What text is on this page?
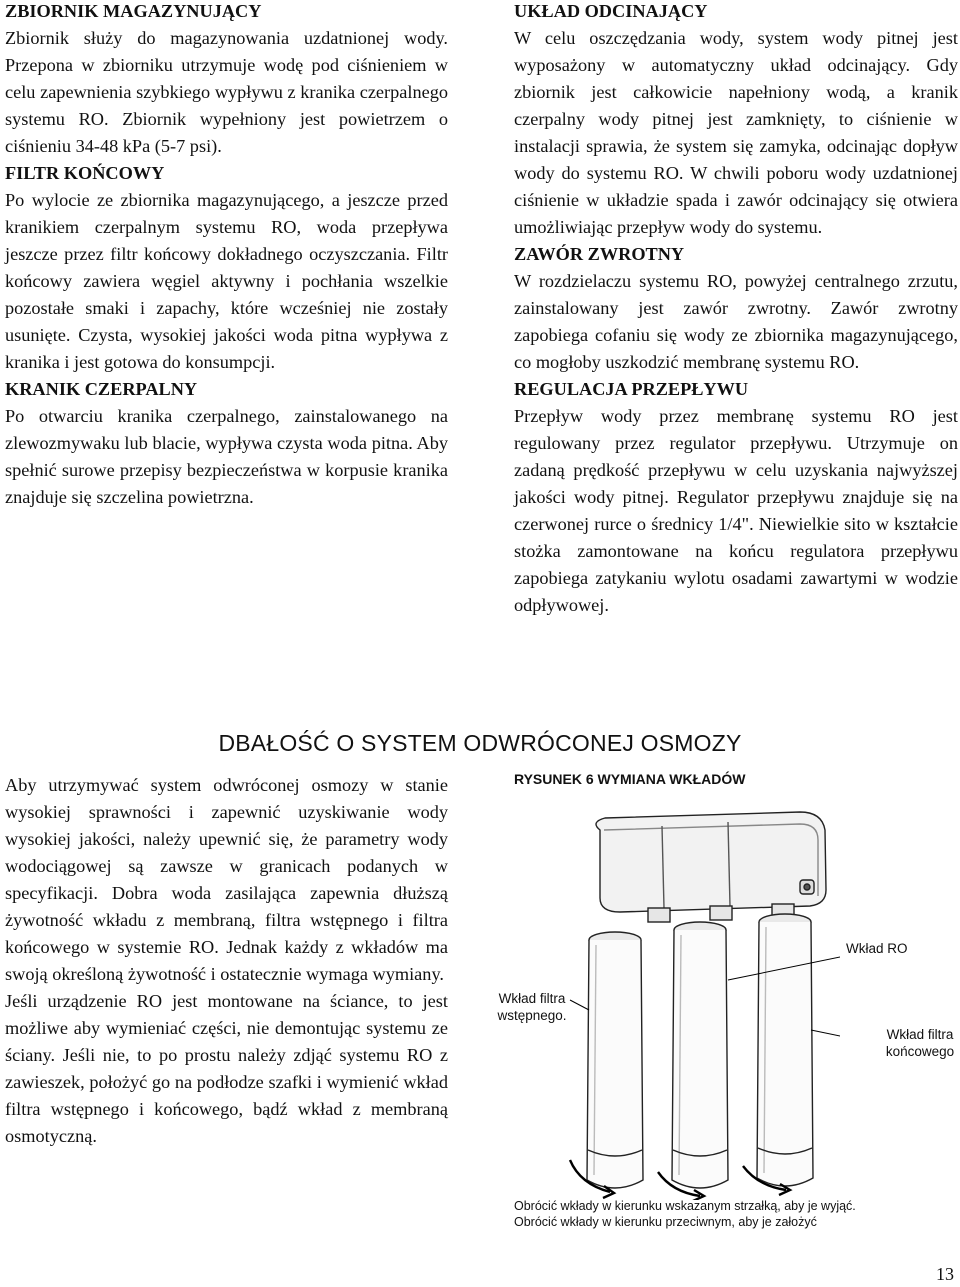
ZBIORNIK MAGAZYNUJĄCY

Zbiornik służy do magazynowania uzdatnionej wody. Przepona w zbiorniku utrzymuje wodę pod ciśnieniem w celu zapewnienia szybkiego wypływu z kranika czerpalnego systemu RO. Zbiornik wypełniony jest powietrzem o ciśnieniu 34-48 kPa (5-7 psi).

FILTR KOŃCOWY

Po wylocie ze zbiornika magazynującego, a jeszcze przed kranikiem czerpalnym systemu RO, woda przepływa jeszcze przez filtr końcowy dokładnego oczyszczania. Filtr końcowy zawiera węgiel aktywny i pochłania wszelkie pozostałe smaki i zapachy, które wcześniej nie zostały usunięte. Czysta, wysokiej jakości woda pitna wypływa z kranika i jest gotowa do konsumpcji.

KRANIK CZERPALNY

Po otwarciu kranika czerpalnego, zainstalowanego na zlewozmywaku lub blacie, wypływa czysta woda pitna. Aby spełnić surowe przepisy bezpieczeństwa w korpusie kranika znajduje się szczelina powietrzna.

UKŁAD ODCINAJĄCY

W celu oszczędzania wody, system wody pitnej jest wyposażony w automatyczny układ odcinający. Gdy zbiornik jest całkowicie napełniony wodą, a kranik czerpalny wody pitnej jest zamknięty, to ciśnienie w instalacji sprawia, że system się zamyka, odcinając dopływ wody do systemu RO. W chwili poboru wody uzdatnionej ciśnienie w układzie spada i zawór odcinający się otwiera umożliwiając przepływ wody do systemu.

ZAWÓR ZWROTNY

W rozdzielaczu systemu RO, powyżej centralnego zrzutu, zainstalowany jest zawór zwrotny. Zawór zwrotny zapobiega cofaniu się wody ze zbiornika magazynującego, co mogłoby uszkodzić membranę systemu RO.

REGULACJA PRZEPŁYWU

Przepływ wody przez membranę systemu RO jest regulowany przez regulator przepływu. Utrzymuje on zadaną prędkość przepływu w celu uzyskania najwyższej jakości wody pitnej. Regulator przepływu znajduje się na czerwonej rurce o średnicy 1/4". Niewielkie sito w kształcie stożka zamontowane na końcu regulatora przepływu zapobiega zatykaniu wylotu osadami zawartymi w wodzie odpływowej.

DBAŁOŚĆ O SYSTEM ODWRÓCONEJ OSMOZY

Aby utrzymywać system odwróconej osmozy w stanie wysokiej sprawności i zapewnić uzyskiwanie wody wysokiej jakości, należy upewnić się, że parametry wody wodociągowej są zawsze w granicach podanych w specyfikacji. Dobra woda zasilająca zapewnia dłuższą żywotność wkładu z membraną, filtra wstępnego i filtra końcowego w systemie RO. Jednak każdy z wkładów ma swoją określoną żywotność i ostatecznie wymaga wymiany.

Jeśli urządzenie RO jest montowane na ściance, to jest możliwe aby wymieniać części, nie demontując systemu ze ściany. Jeśli nie, to po prostu należy zdjąć systemu RO z zawieszek, położyć go na podłodze szafki i wymienić wkład filtra wstępnego i końcowego, bądź wkład z membraną osmotyczną.

RYSUNEK 6 WYMIANA WKŁADÓW
Wkład RO
Wkład filtra
wstępnego.
Wkład filtra
końcowego
Obrócić wkłady w kierunku wskazanym strzałką, aby je wyjąć.
Obrócić wkłady w kierunku przeciwnym, aby je założyć
13
